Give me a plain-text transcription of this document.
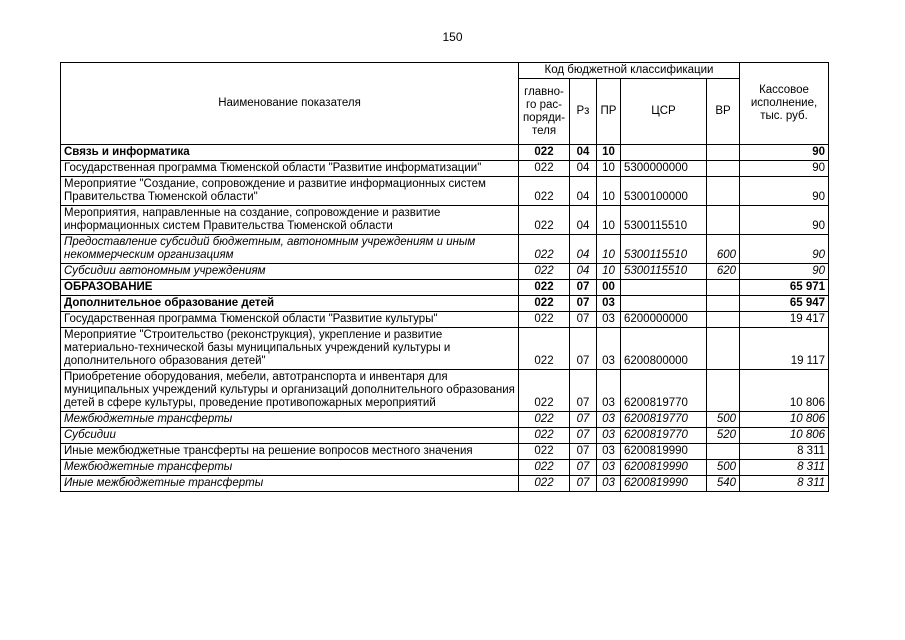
150
Наименование показателя	Код бюджетной классификации					Кассовое исполнение, тыс. руб.
	главно-го рас-поряди-теля	Рз	ПР	ЦСР	ВР	
Связь и информатика	022	04	10			90
Государственная программа Тюменской области "Развитие информатизации"	022	04	10	5300000000		90
Мероприятие "Создание, сопровождение и развитие информационных систем Правительства Тюменской области"	022	04	10	5300100000		90
Мероприятия, направленные на создание, сопровождение и развитие информационных систем Правительства Тюменской области	022	04	10	5300115510		90
Предоставление субсидий бюджетным, автономным учреждениям и иным некоммерческим организациям	022	04	10	5300115510	600	90
Субсидии автономным учреждениям	022	04	10	5300115510	620	90
ОБРАЗОВАНИЕ	022	07	00			65 971
Дополнительное образование детей	022	07	03			65 947
Государственная программа Тюменской области "Развитие культуры"	022	07	03	6200000000		19 417
Мероприятие "Строительство (реконструкция), укрепление и развитие материально-технической базы муниципальных учреждений культуры и дополнительного образования детей"	022	07	03	6200800000		19 117
Приобретение оборудования, мебели, автотранспорта и инвентаря для муниципальных учреждений культуры и организаций дополнительного образования детей в сфере культуры, проведение противопожарных мероприятий	022	07	03	6200819770		10 806
Межбюджетные трансферты	022	07	03	6200819770	500	10 806
Субсидии	022	07	03	6200819770	520	10 806
Иные межбюджетные трансферты на решение вопросов местного значения	022	07	03	6200819990		8 311
Межбюджетные трансферты	022	07	03	6200819990	500	8 311
Иные межбюджетные трансферты	022	07	03	6200819990	540	8 311
